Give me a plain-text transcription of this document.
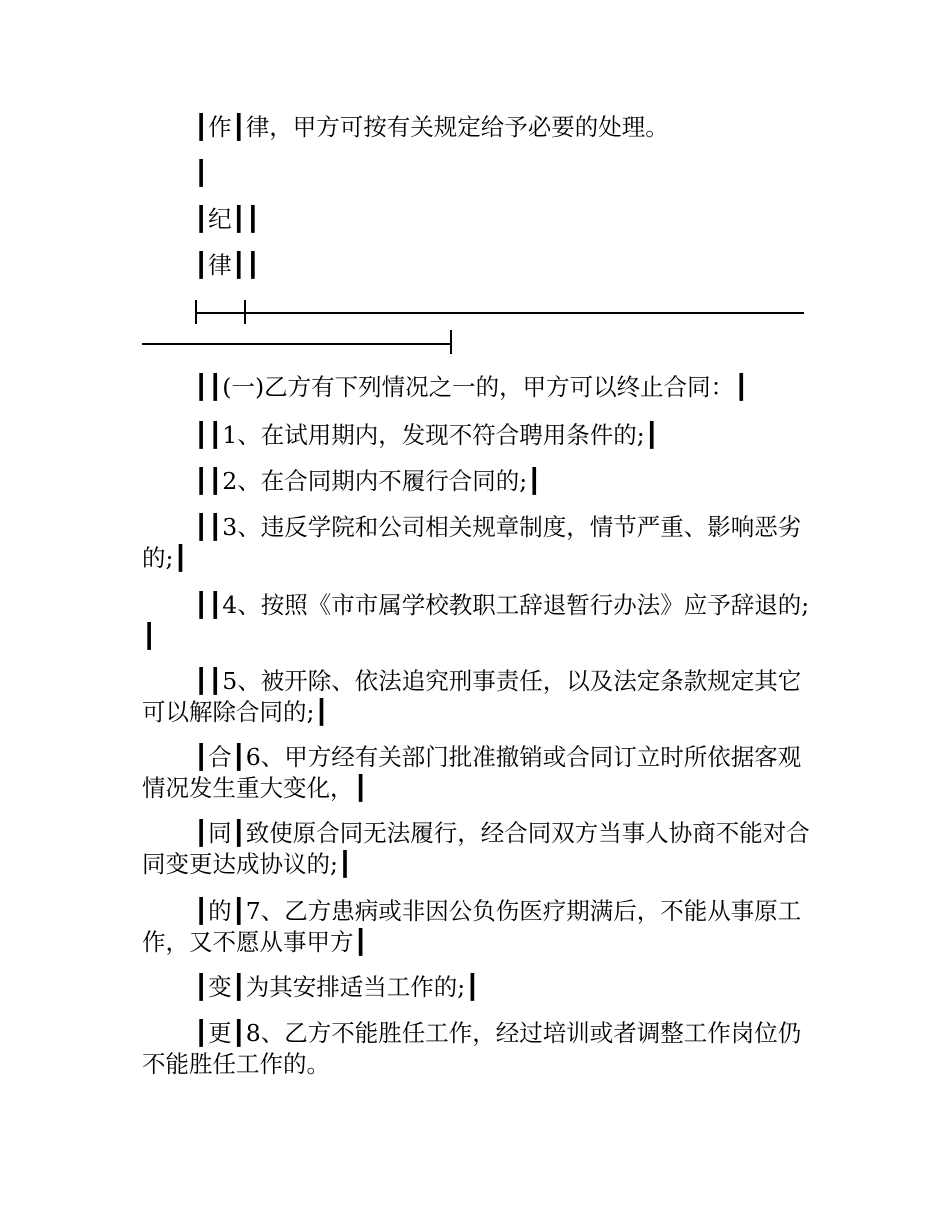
┃作┃律，甲方可按有关规定给予必要的处理。

┃

┃纪┃┃

┃律┃┃

┃┃(一)乙方有下列情况之一的，甲方可以终止合同：┃

┃┃1、在试用期内，发现不符合聘用条件的;┃

┃┃2、在合同期内不履行合同的;┃

┃┃3、违反学院和公司相关规章制度，情节严重、影响恶劣的;┃

┃┃4、按照《市市属学校教职工辞退暂行办法》应予辞退的;┃

┃┃5、被开除、依法追究刑事责任，以及法定条款规定其它可以解除合同的;┃

┃合┃6、甲方经有关部门批准撤销或合同订立时所依据客观情况发生重大变化，┃

┃同┃致使原合同无法履行，经合同双方当事人协商不能对合同变更达成协议的;┃

┃的┃7、乙方患病或非因公负伤医疗期满后，不能从事原工作，又不愿从事甲方┃

┃变┃为其安排适当工作的;┃

┃更┃8、乙方不能胜任工作，经过培训或者调整工作岗位仍不能胜任工作的。
